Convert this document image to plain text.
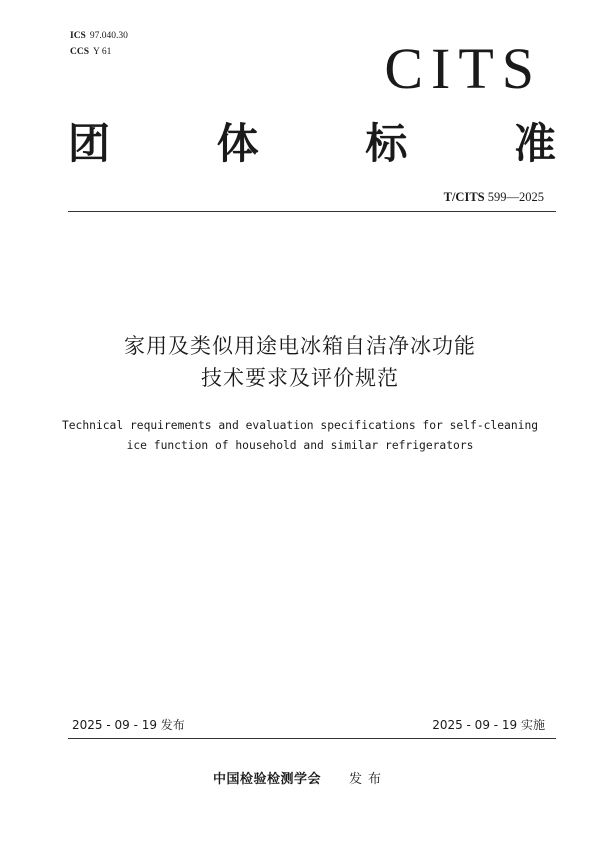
ICS 97.040.30
CCS Y 61	CITS
团	体	标	准
T/CITS 599—2025
家用及类似用途电冰箱自洁净冰功能
技术要求及评价规范
Technical requirements and evaluation specifications for self-cleaning
ice function of household and similar refrigerators
2025 - 09 - 19 发布	2025 - 09 - 19 实施
中国检验检测学会 发布
